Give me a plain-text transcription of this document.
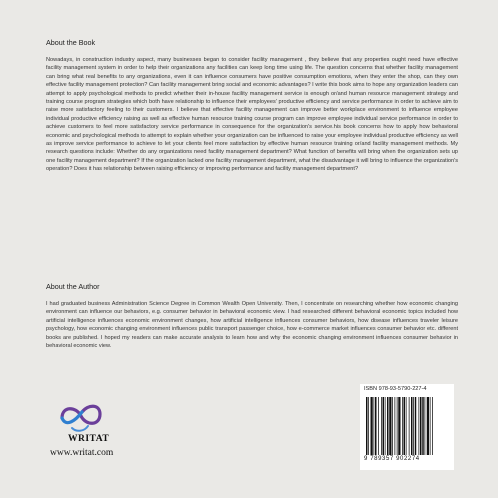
About the Book

Nowadays, in construction industry aspect, many businesses began to consider facility management , they believe that any properties ought need have effective facility management system in order to help their organizations any facilities can keep long time using life. The question concerns that whether facility management can bring what real benefits to any organizations, even it can influence consumers have positive consumption emotions, when they enter the shop, can they own effective facility management protection? Can facility management bring social and economic advantages? I write this book aims to hope any organization leaders can attempt to apply psychological methods to predict whether their in-house facility management service is enough or/and human resource management strategy and training course program strategies which both have relationship to influence their employees' productive efficiency and service performance in order to achieve aim to raise more satisfactory feeling to their customers. I believe that effective facility management can improve better workplace environment to influence employee individual productive efficiency raising as well as effective human resource training course program can improve employee individual service performance in order to achieve customers to feel more satisfactory service performance in consequence for the organization's service.his book concerns how to apply how behavioral economic and psychological methods to attempt to explain whether your organization can be influenced to raise your employee individual productive efficiency as well as improve service performance to achieve to let your clients feel more satisfaction by effective human resource training or/and facility management methods. My research questions include: Whether do any organizations need facility management department? What function of benefits will bring when the organization sets up one facility management department? If the organization lacked one facility management department, what the disadvantage it will bring to influence the organization's operation? Does it has relationship between raising efficiency or improving performance and facility management department?

About the Author

I had graduated business Administration Science Degree in Common Wealth Open University. Then, I concentrate on researching whether how economic changing environment can influence our behaviors, e.g. consumer behavior in behavioral economic view. I had researched different behavioral economic topics included how artificial intelligence influences economic environment changes, how artificial intelligence influences consumer behaviors, how disease influences traveler leisure psychology, how economic changing environment influences public transport passenger choice, how e-commerce market influences consumer behavior etc. different books are published. I hoped my readers can make accurate analysis to learn how and why the economic changing environment influences consumer behavior in behavioral economic view.

WRITAT
www.writat.com
ISBN 978-93-5790-227-4
9 789357 902274
